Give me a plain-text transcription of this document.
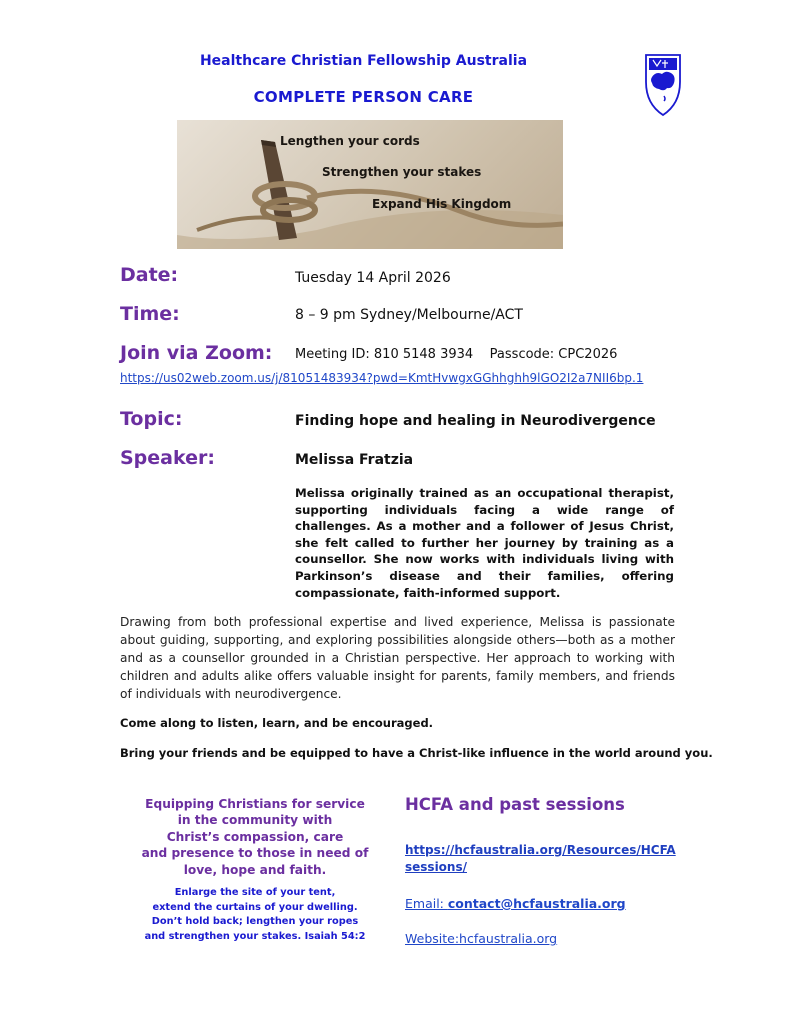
Healthcare Christian Fellowship Australia
COMPLETE PERSON CARE
Lengthen your cords
Strengthen your stakes
Expand His Kingdom
Date:	Tuesday 14 April 2026
Time:	8 – 9 pm Sydney/Melbourne/ACT
Join via Zoom: Meeting ID: 810 5148 3934    Passcode: CPC2026
https://us02web.zoom.us/j/81051483934?pwd=KmtHvwgxGGhhghh9lGO2I2a7NII6bp.1
Topic:	Finding hope and healing in Neurodivergence
Speaker:	Melissa Fratzia
Melissa originally trained as an occupational therapist, supporting individuals facing a wide range of challenges. As a mother and a follower of Jesus Christ, she felt called to further her journey by training as a counsellor. She now works with individuals living with Parkinson’s disease and their families, offering compassionate, faith-informed support.
Drawing from both professional expertise and lived experience, Melissa is passionate about guiding, supporting, and exploring possibilities alongside others—both as a mother and as a counsellor grounded in a Christian perspective. Her approach to working with children and adults alike offers valuable insight for parents, family members, and friends of individuals with neurodivergence.
Come along to listen, learn, and be encouraged.
Bring your friends and be equipped to have a Christ-like influence in the world around you.
Equipping Christians for service
in the community with
Christ’s compassion, care
and presence to those in need of
love, hope and faith.
Enlarge the site of your tent,
extend the curtains of your dwelling.
Don’t hold back; lengthen your ropes
and strengthen your stakes. Isaiah 54:2
HCFA and past sessions
https://hcfaustralia.org/Resources/HCFA sessions/
Email: contact@hcfaustralia.org
Website:hcfaustralia.org
